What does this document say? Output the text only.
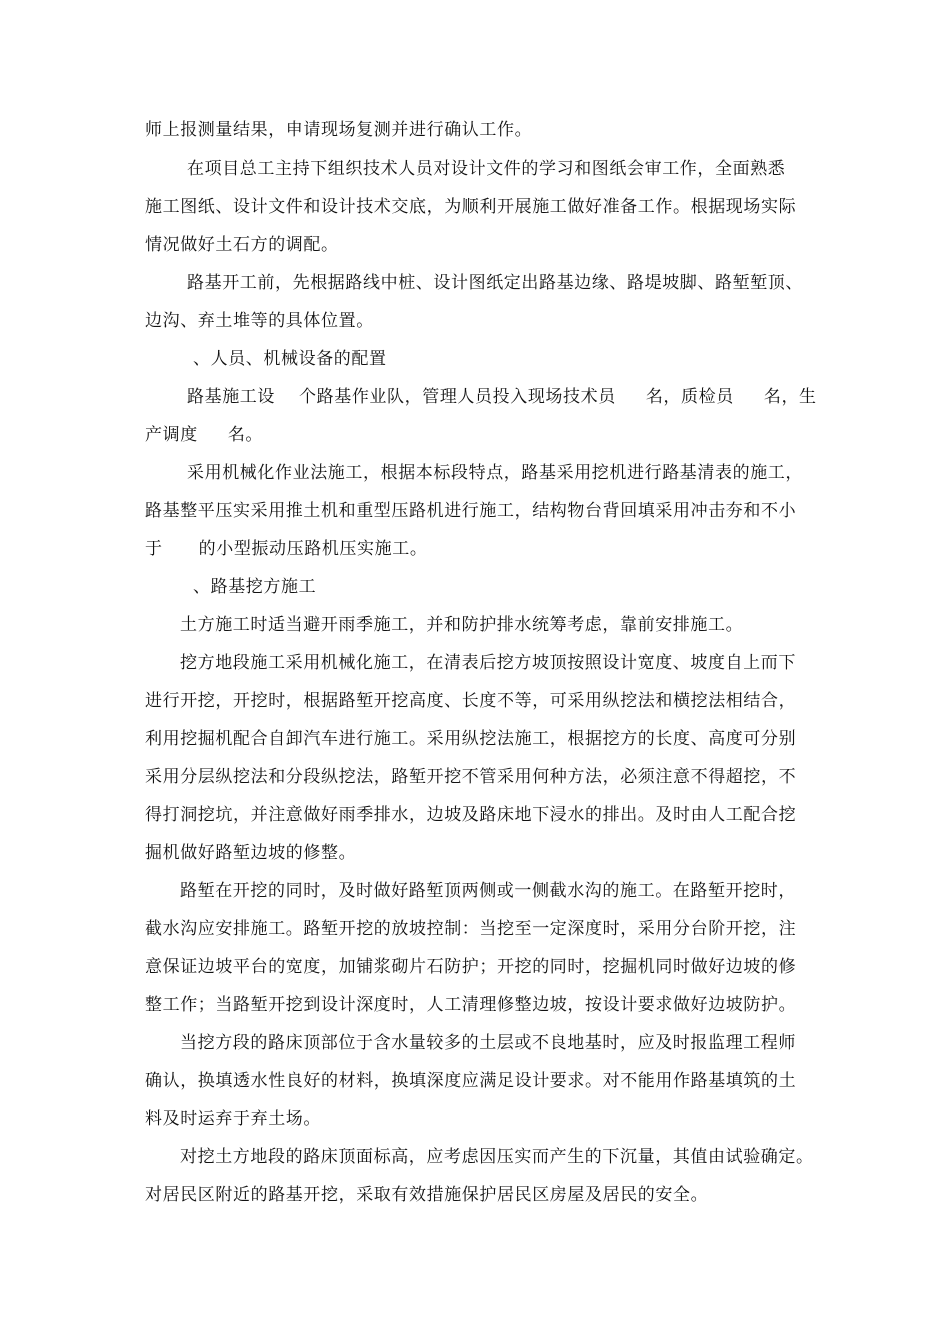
师上报测量结果，申请现场复测并进行确认工作。
在项目总工主持下组织技术人员对设计文件的学习和图纸会审工作，全面熟悉
施工图纸、设计文件和设计技术交底，为顺利开展施工做好准备工作。根据现场实际
情况做好土石方的调配。
路基开工前，先根据路线中桩、设计图纸定出路基边缘、路堤坡脚、路堑堑顶、
边沟、弃土堆等的具体位置。
、人员、机械设备的配置
路基施工设    个路基作业队，管理人员投入现场技术员     名，质检员     名，生
产调度     名。
采用机械化作业法施工，根据本标段特点，路基采用挖机进行路基清表的施工，
路基整平压实采用推土机和重型压路机进行施工，结构物台背回填采用冲击夯和不小
于      的小型振动压路机压实施工。
、路基挖方施工
土方施工时适当避开雨季施工，并和防护排水统筹考虑，靠前安排施工。
挖方地段施工采用机械化施工，在清表后挖方坡顶按照设计宽度、坡度自上而下
进行开挖，开挖时，根据路堑开挖高度、长度不等，可采用纵挖法和横挖法相结合，
利用挖掘机配合自卸汽车进行施工。采用纵挖法施工，根据挖方的长度、高度可分别
采用分层纵挖法和分段纵挖法，路堑开挖不管采用何种方法，必须注意不得超挖，不
得打洞挖坑，并注意做好雨季排水，边坡及路床地下浸水的排出。及时由人工配合挖
掘机做好路堑边坡的修整。
路堑在开挖的同时，及时做好路堑顶两侧或一侧截水沟的施工。在路堑开挖时，
截水沟应安排施工。路堑开挖的放坡控制：当挖至一定深度时，采用分台阶开挖，注
意保证边坡平台的宽度，加铺浆砌片石防护；开挖的同时，挖掘机同时做好边坡的修
整工作；当路堑开挖到设计深度时，人工清理修整边坡，按设计要求做好边坡防护。
当挖方段的路床顶部位于含水量较多的土层或不良地基时，应及时报监理工程师
确认，换填透水性良好的材料，换填深度应满足设计要求。对不能用作路基填筑的土
料及时运弃于弃土场。
对挖土方地段的路床顶面标高，应考虑因压实而产生的下沉量，其值由试验确定。
对居民区附近的路基开挖，采取有效措施保护居民区房屋及居民的安全。
